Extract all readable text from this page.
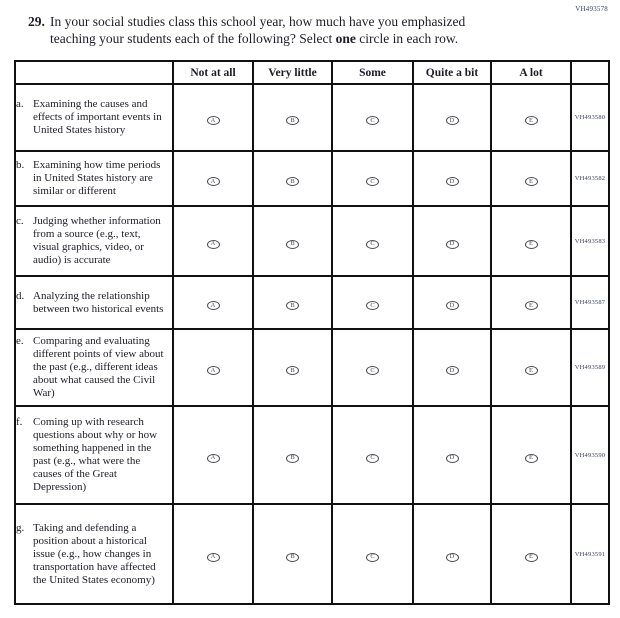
VH493578
29. In your social studies class this school year, how much have you emphasized
teaching your students each of the following? Select one circle in each row.
	Not at all	Very little	Some	Quite a bit	A lot	

a. Examining the causes and effects of important events in United States history	A	B	C	D	E	VH493580

b. Examining how time periods in United States history are similar or different	A	B	C	D	E	VH493582

c. Judging whether information from a source (e.g., text, visual graphics, video, or audio) is accurate	A	B	C	D	E	VH493583

d. Analyzing the relationship between two historical events	A	B	C	D	E	VH493587

e. Comparing and evaluating different points of view about the past (e.g., different ideas about what caused the Civil War)	A	B	C	D	E	VH493589

f. Coming up with research questions about why or how something happened in the past (e.g., what were the causes of the Great Depression)	A	B	C	D	E	VH493590

g. Taking and defending a position about a historical issue (e.g., how changes in transportation have affected the United States economy)	A	B	C	D	E	VH493591
